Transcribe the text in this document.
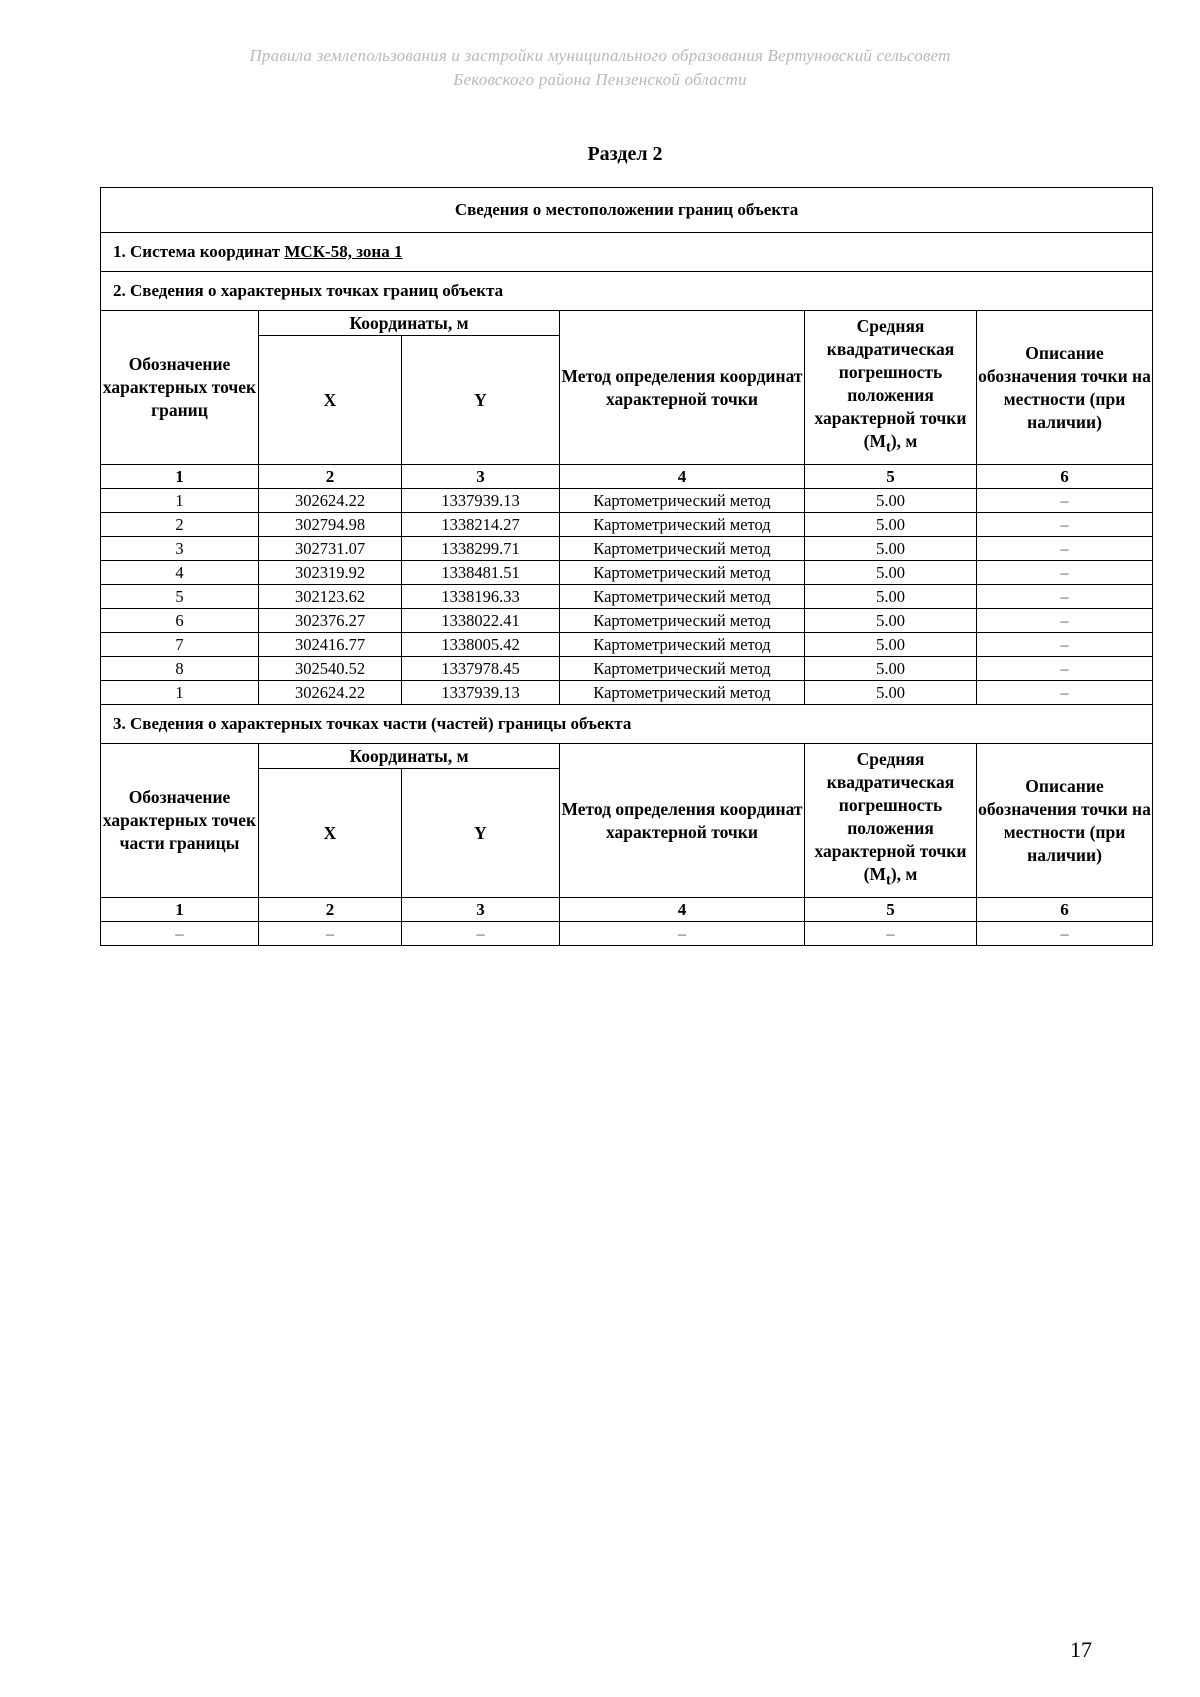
Правила землепользования и застройки муниципального образования Вертуновский сельсовет
Бековского района Пензенской области
Раздел 2
Сведения о местоположении границ объекта					
1. Система координат МСК-58, зона 1					
2. Сведения о характерных точках границ объекта					
Обозначение характерных точек границ	Координаты, м		Метод определения координат характерной точки	Средняя квадратическая погрешность положения характерной точки $(M_t)$, м	Описание обозначения точки на местности (при наличии)
	X	Y			
1	2	3	4	5	6
1	302624.22	1337939.13	Картометрический метод	5.00	–
2	302794.98	1338214.27	Картометрический метод	5.00	–
3	302731.07	1338299.71	Картометрический метод	5.00	–
4	302319.92	1338481.51	Картометрический метод	5.00	–
5	302123.62	1338196.33	Картометрический метод	5.00	–
6	302376.27	1338022.41	Картометрический метод	5.00	–
7	302416.77	1338005.42	Картометрический метод	5.00	–
8	302540.52	1337978.45	Картометрический метод	5.00	–
1	302624.22	1337939.13	Картометрический метод	5.00	–
3. Сведения о характерных точках части (частей) границы объекта					
Обозначение характерных точек части границы	Координаты, м		Метод определения координат характерной точки	Средняя квадратическая погрешность положения характерной точки $(M_t)$, м	Описание обозначения точки на местности (при наличии)
	X	Y			
1	2	3	4	5	6
–	–	–	–	–	–
17
